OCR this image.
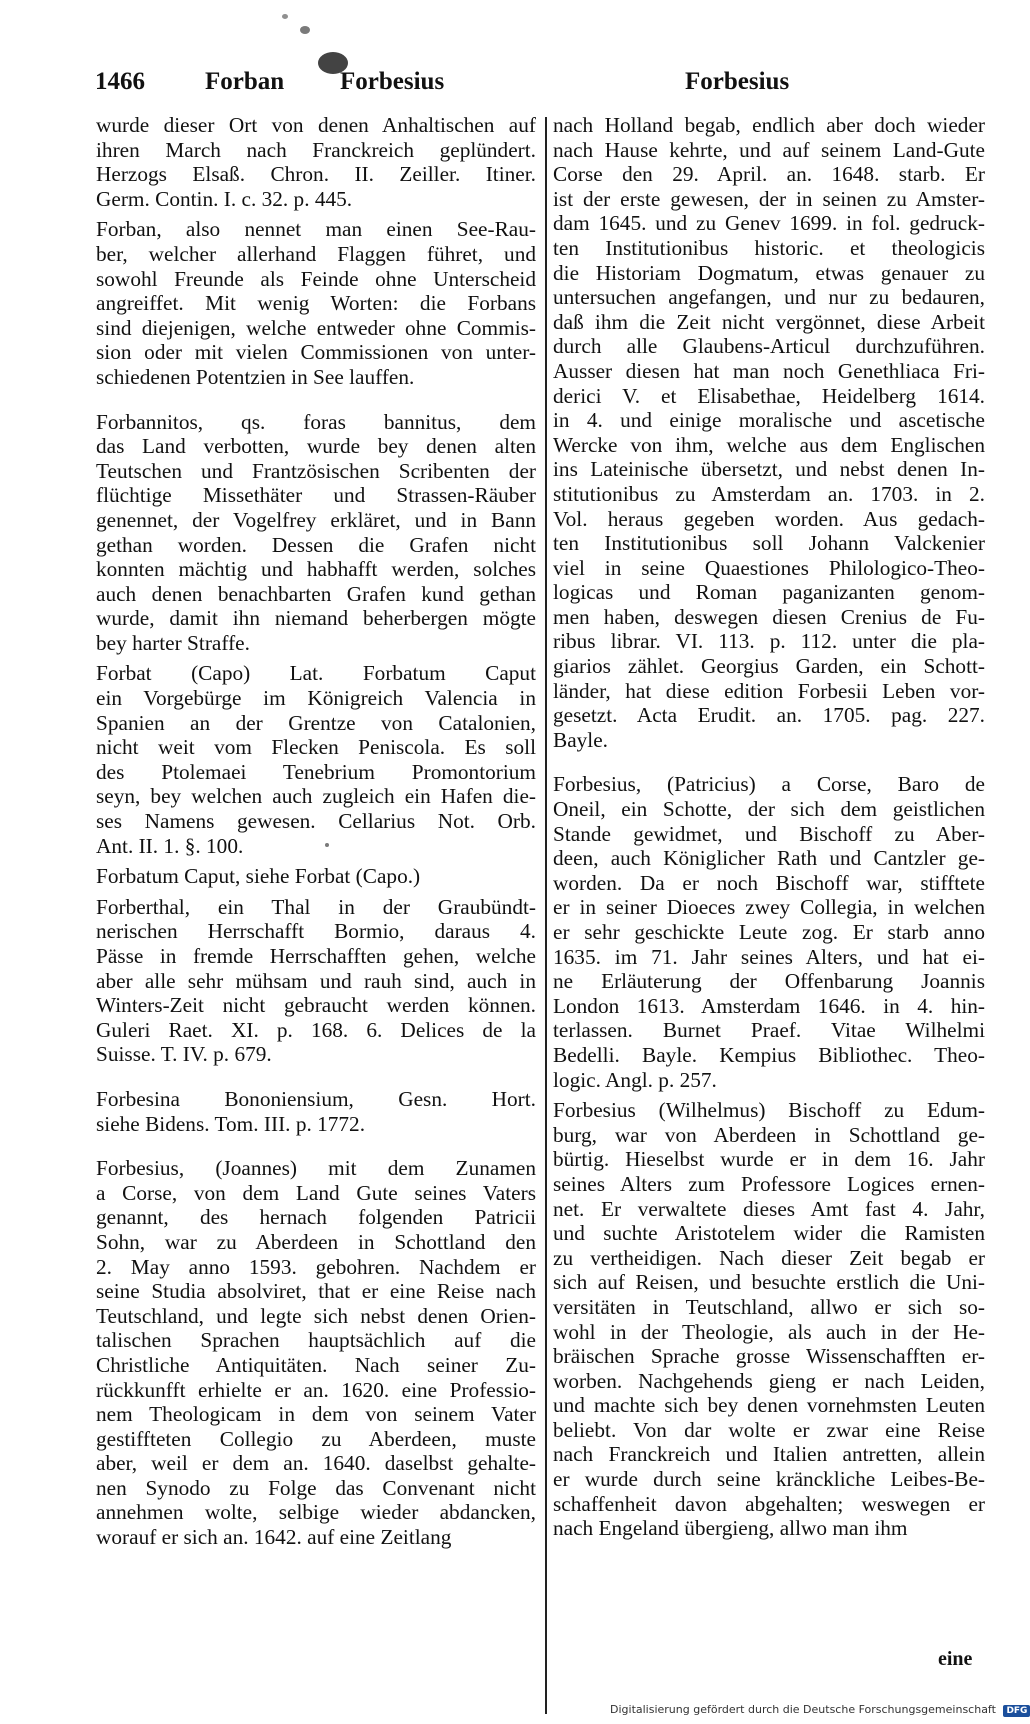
1466 Forban Forbesius	Forbesius
wurde dieser Ort von denen Anhaltischen auf
ihren March nach Franckreich geplündert.
Herzogs Elsaß. Chron. II. Zeiller. Itiner.
Germ. Contin. I. c. 32. p. 445.
Forban, also nennet man einen See-Rau-
ber, welcher allerhand Flaggen führet, und
sowohl Freunde als Feinde ohne Unterscheid
angreiffet. Mit wenig Worten: die Forbans
sind diejenigen, welche entweder ohne Commis-
sion oder mit vielen Commissionen von unter-
schiedenen Potentzien in See lauffen.
Forbannitos, qs. foras bannitus, dem
das Land verbotten, wurde bey denen alten
Teutschen und Frantzösischen Scribenten der
flüchtige Missethäter und Strassen-Räuber
genennet, der Vogelfrey erkläret, und in Bann
gethan worden. Dessen die Grafen nicht
konnten mächtig und habhafft werden, solches
auch denen benachbarten Grafen kund gethan
wurde, damit ihn niemand beherbergen mögte
bey harter Straffe.
Forbat (Capo) Lat. Forbatum Caput
ein Vorgebürge im Königreich Valencia in
Spanien an der Grentze von Catalonien,
nicht weit vom Flecken Peniscola. Es soll
des Ptolemaei Tenebrium Promontorium
seyn, bey welchen auch zugleich ein Hafen die-
ses Namens gewesen. Cellarius Not. Orb.
Ant. II. 1. §. 100.
Forbatum Caput, siehe Forbat (Capo.)
Forberthal, ein Thal in der Graubündt-
nerischen Herrschafft Bormio, daraus 4.
Pässe in fremde Herrschafften gehen, welche
aber alle sehr mühsam und rauh sind, auch in
Winters-Zeit nicht gebraucht werden können.
Guleri Raet. XI. p. 168. 6. Delices de la
Suisse. T. IV. p. 679.
Forbesina Bononiensium, Gesn. Hort.
siehe Bidens. Tom. III. p. 1772.
Forbesius, (Joannes) mit dem Zunamen
a Corse, von dem Land Gute seines Vaters
genannt, des hernach folgenden Patricii
Sohn, war zu Aberdeen in Schottland den
2. May anno 1593. gebohren. Nachdem er
seine Studia absolviret, that er eine Reise nach
Teutschland, und legte sich nebst denen Orien-
talischen Sprachen hauptsächlich auf die
Christliche Antiquitäten. Nach seiner Zu-
rückkunfft erhielte er an. 1620. eine Professio-
nem Theologicam in dem von seinem Vater
gestiffteten Collegio zu Aberdeen, muste
aber, weil er dem an. 1640. daselbst gehalte-
nen Synodo zu Folge das Convenant nicht
annehmen wolte, selbige wieder abdancken,
worauf er sich an. 1642. auf eine Zeitlang
nach Holland begab, endlich aber doch wieder
nach Hause kehrte, und auf seinem Land-Gute
Corse den 29. April. an. 1648. starb. Er
ist der erste gewesen, der in seinen zu Amster-
dam 1645. und zu Genev 1699. in fol. gedruck-
ten Institutionibus historic. et theologicis
die Historiam Dogmatum, etwas genauer zu
untersuchen angefangen, und nur zu bedauren,
daß ihm die Zeit nicht vergönnet, diese Arbeit
durch alle Glaubens-Articul durchzuführen.
Ausser diesen hat man noch Genethliaca Fri-
derici V. et Elisabethae, Heidelberg 1614.
in 4. und einige moralische und ascetische
Wercke von ihm, welche aus dem Englischen
ins Lateinische übersetzt, und nebst denen In-
stitutionibus zu Amsterdam an. 1703. in 2.
Vol. heraus gegeben worden. Aus gedach-
ten Institutionibus soll Johann Valckenier
viel in seine Quaestiones Philologico-Theo-
logicas und Roman paganizanten genom-
men haben, deswegen diesen Crenius de Fu-
ribus librar. VI. 113. p. 112. unter die pla-
giarios zählet. Georgius Garden, ein Schott-
länder, hat diese edition Forbesii Leben vor-
gesetzt. Acta Erudit. an. 1705. pag. 227.
Bayle.
Forbesius, (Patricius) a Corse, Baro de
Oneil, ein Schotte, der sich dem geistlichen
Stande gewidmet, und Bischoff zu Aber-
deen, auch Königlicher Rath und Cantzler ge-
worden. Da er noch Bischoff war, stifftete
er in seiner Dioeces zwey Collegia, in welchen
er sehr geschickte Leute zog. Er starb anno
1635. im 71. Jahr seines Alters, und hat ei-
ne Erläuterung der Offenbarung Joannis
London 1613. Amsterdam 1646. in 4. hin-
terlassen. Burnet Praef. Vitae Wilhelmi
Bedelli. Bayle. Kempius Bibliothec. Theo-
logic. Angl. p. 257.
Forbesius (Wilhelmus) Bischoff zu Edum-
burg, war von Aberdeen in Schottland ge-
bürtig. Hieselbst wurde er in dem 16. Jahr
seines Alters zum Professore Logices ernen-
net. Er verwaltete dieses Amt fast 4. Jahr,
und suchte Aristotelem wider die Ramisten
zu vertheidigen. Nach dieser Zeit begab er
sich auf Reisen, und besuchte erstlich die Uni-
versitäten in Teutschland, allwo er sich so-
wohl in der Theologie, als auch in der He-
bräischen Sprache grosse Wissenschafften er-
worben. Nachgehends gieng er nach Leiden,
und machte sich bey denen vornehmsten Leuten
beliebt. Von dar wolte er zwar eine Reise
nach Franckreich und Italien antretten, allein
er wurde durch seine kränckliche Leibes-Be-
schaffenheit davon abgehalten; weswegen er
nach Engeland übergieng, allwo man ihm
eine
Digitalisierung gefördert durch die Deutsche Forschungsgemeinschaft DFG
